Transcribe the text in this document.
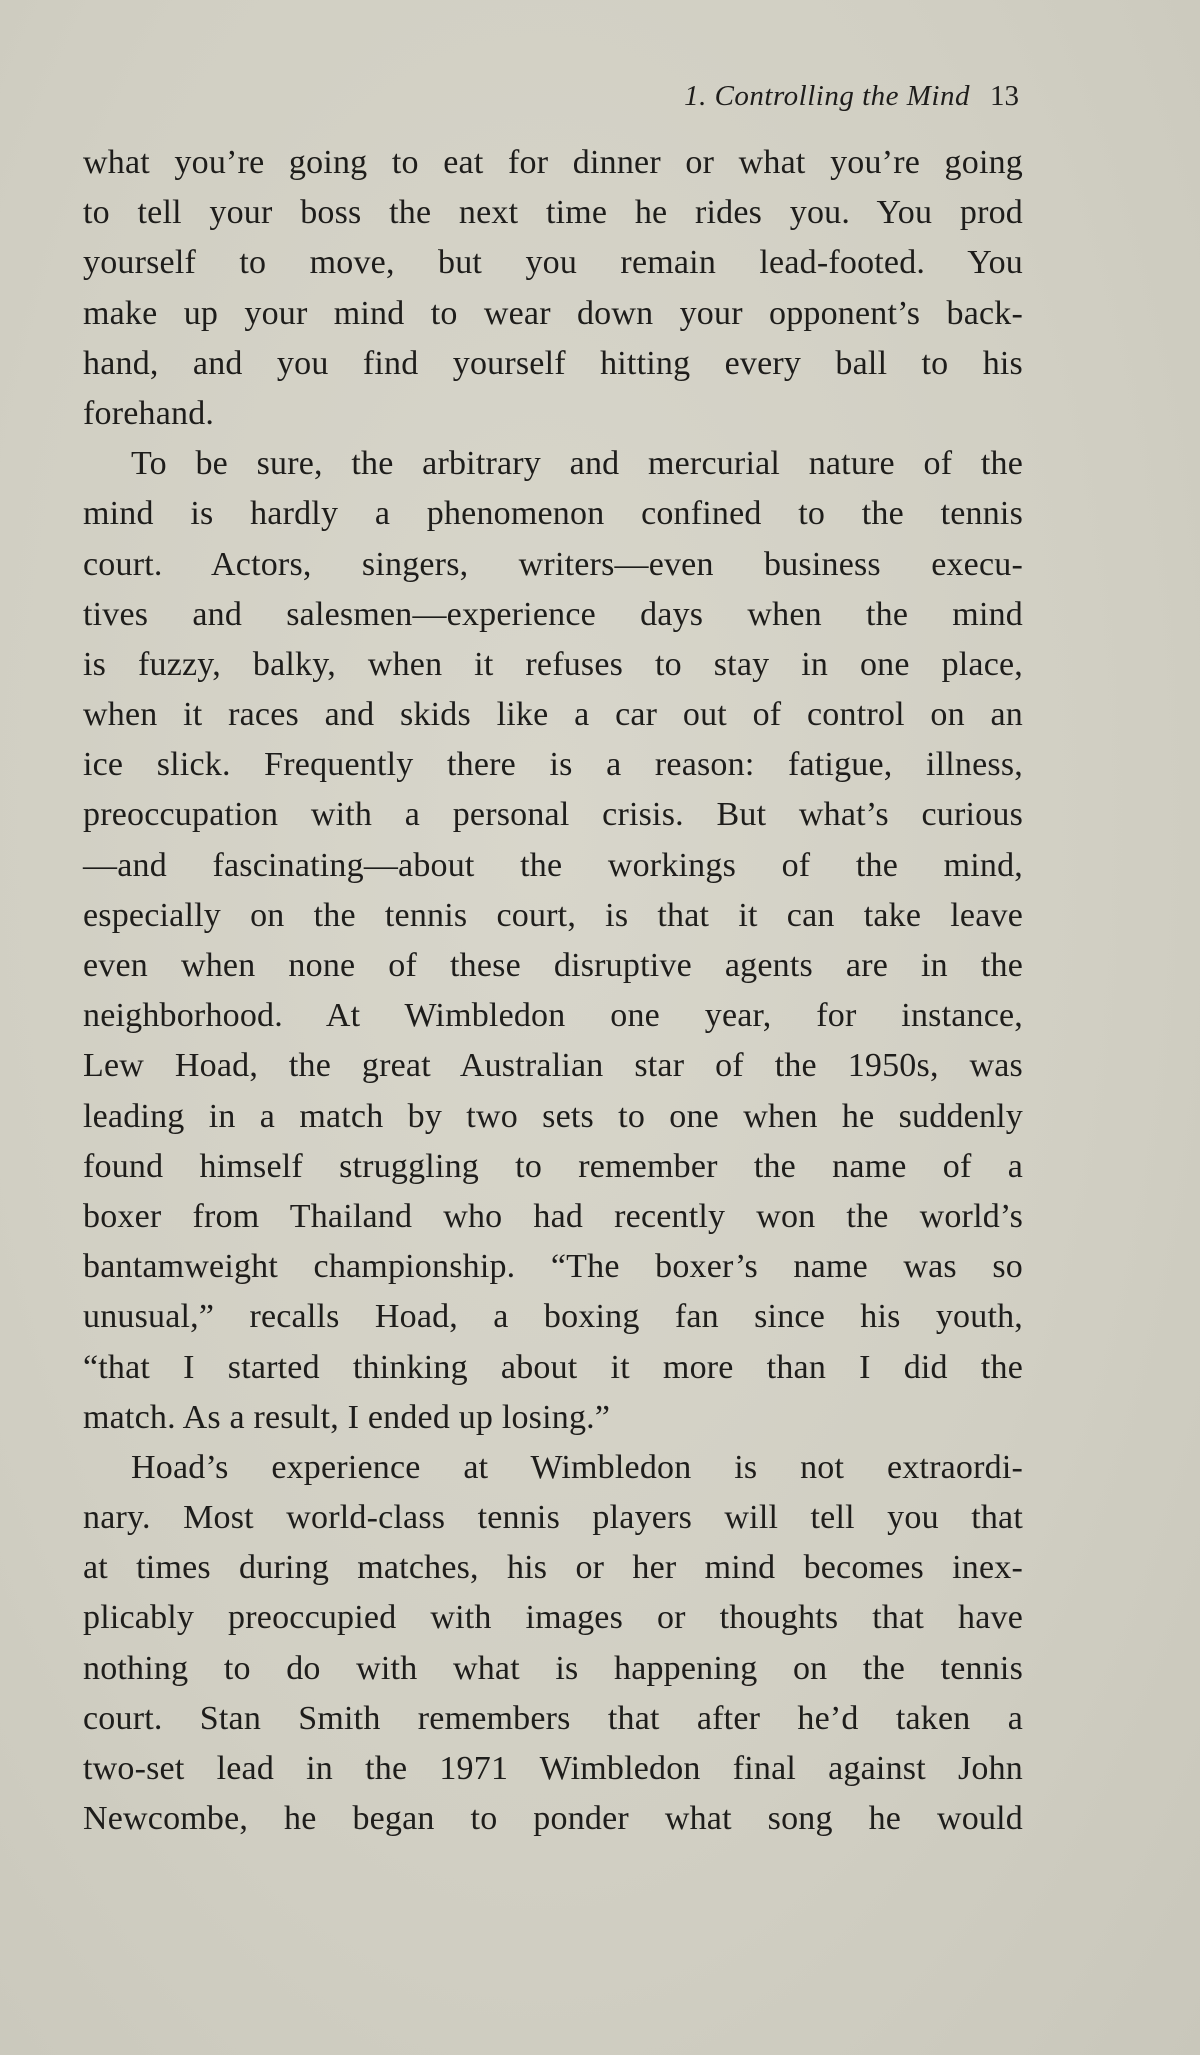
1. Controlling the Mind 13
what you’re going to eat for dinner or what you’re going
to tell your boss the next time he rides you. You prod
yourself to move, but you remain lead-footed. You
make up your mind to wear down your opponent’s back-
hand, and you find yourself hitting every ball to his
forehand.
To be sure, the arbitrary and mercurial nature of the
mind is hardly a phenomenon confined to the tennis
court. Actors, singers, writers—even business execu-
tives and salesmen—experience days when the mind
is fuzzy, balky, when it refuses to stay in one place,
when it races and skids like a car out of control on an
ice slick. Frequently there is a reason: fatigue, illness,
preoccupation with a personal crisis. But what’s curious
—and fascinating—about the workings of the mind,
especially on the tennis court, is that it can take leave
even when none of these disruptive agents are in the
neighborhood. At Wimbledon one year, for instance,
Lew Hoad, the great Australian star of the 1950s, was
leading in a match by two sets to one when he suddenly
found himself struggling to remember the name of a
boxer from Thailand who had recently won the world’s
bantamweight championship. “The boxer’s name was so
unusual,” recalls Hoad, a boxing fan since his youth,
“that I started thinking about it more than I did the
match. As a result, I ended up losing.”
Hoad’s experience at Wimbledon is not extraordi-
nary. Most world-class tennis players will tell you that
at times during matches, his or her mind becomes inex-
plicably preoccupied with images or thoughts that have
nothing to do with what is happening on the tennis
court. Stan Smith remembers that after he’d taken a
two-set lead in the 1971 Wimbledon final against John
Newcombe, he began to ponder what song he would
